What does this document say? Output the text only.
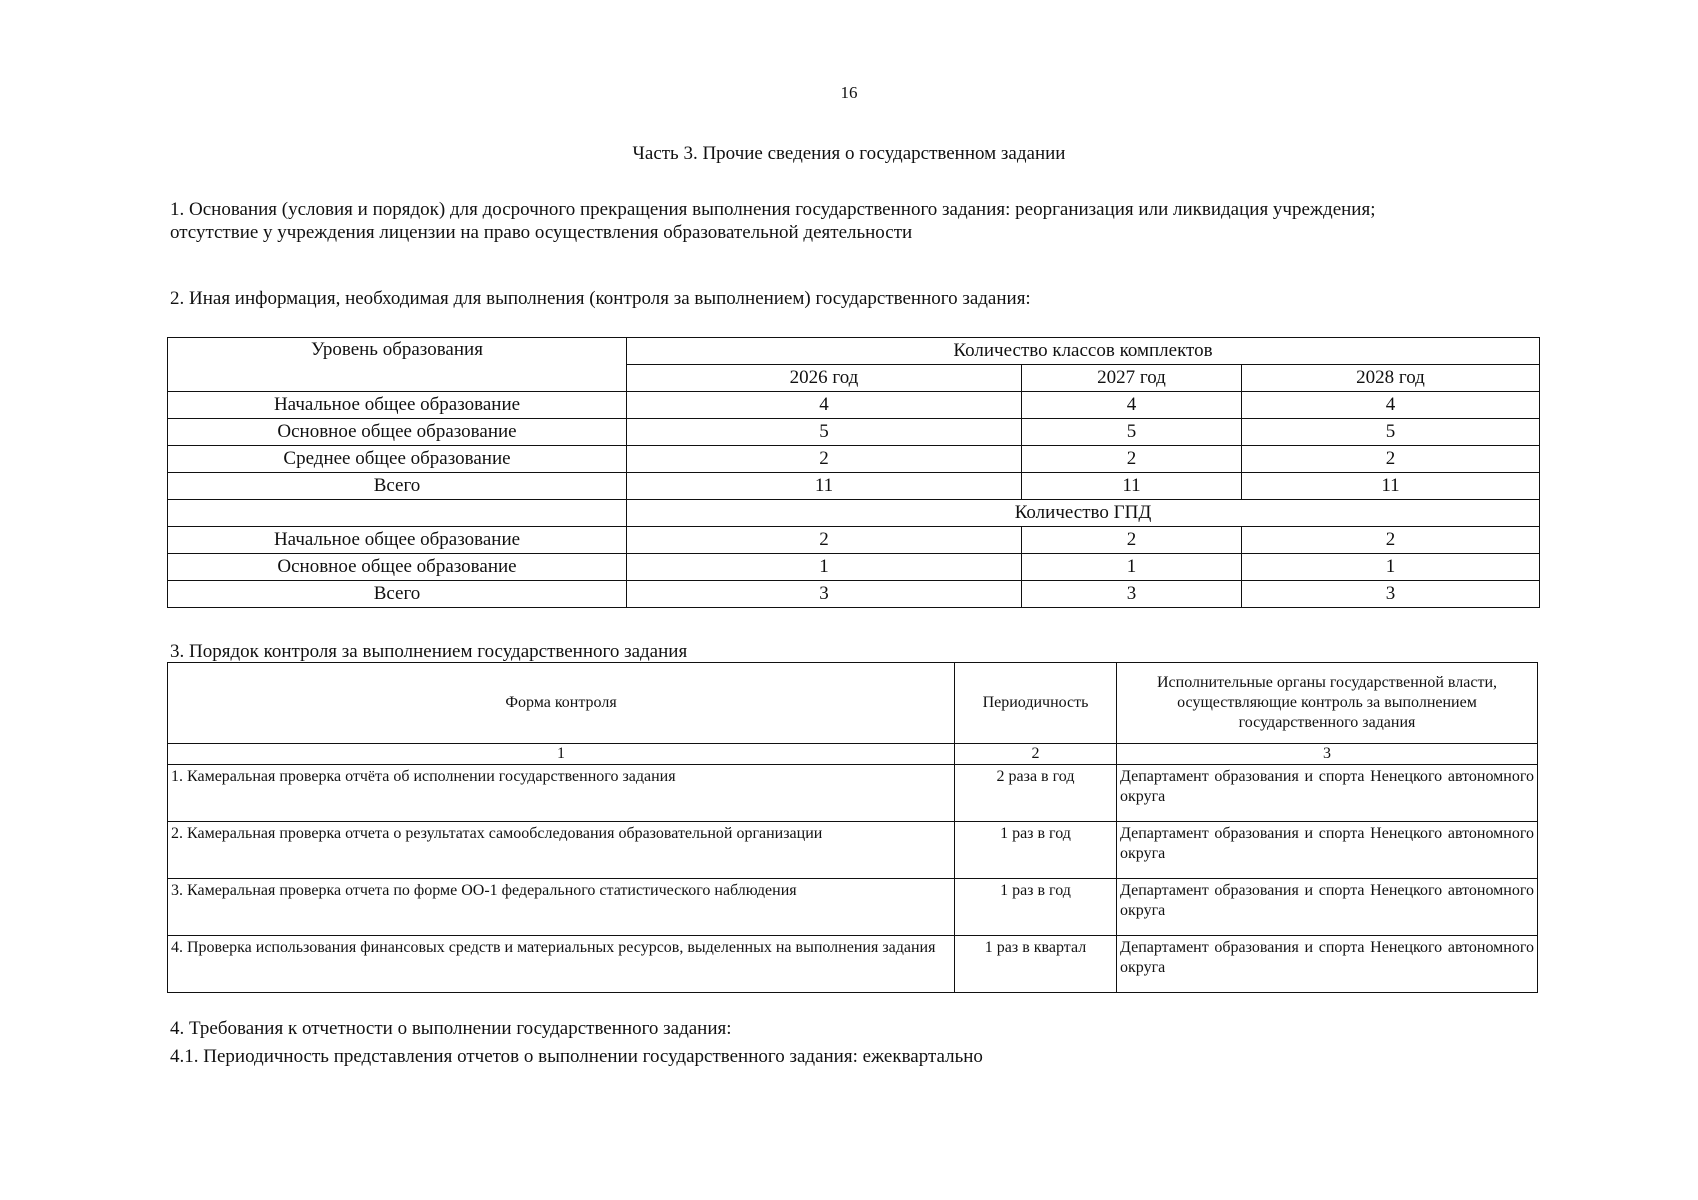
16
Часть 3. Прочие сведения о государственном задании
1. Основания (условия и порядок) для досрочного прекращения выполнения государственного задания: реорганизация или ликвидация учреждения;
отсутствие у учреждения лицензии на право осуществления образовательной деятельности
2. Иная информация, необходимая для выполнения (контроля за выполнением) государственного задания:
Уровень образования	Количество классов комплектов		
	2026 год	2027 год	2028 год
Начальное общее образование	4	4	4
Основное общее образование	5	5	5
Среднее общее образование	2	2	2
Всего	11	11	11
	Количество ГПД		
Начальное общее образование	2	2	2
Основное общее образование	1	1	1
Всего	3	3	3
3. Порядок контроля за выполнением государственного задания
Форма контроля	Периодичность	Исполнительные органы государственной власти, осуществляющие контроль за выполнением государственного задания
1	2	3
1. Камеральная проверка отчёта об исполнении государственного задания	2 раза в год	Департамент образования и спорта Ненецкого автономного округа
2. Камеральная проверка отчета о результатах самообследования образовательной организации	1 раз в год	Департамент образования и спорта Ненецкого автономного округа
3. Камеральная проверка отчета по форме ОО-1 федерального статистического наблюдения	1 раз в год	Департамент образования и спорта Ненецкого автономного округа
4. Проверка использования финансовых средств и материальных ресурсов, выделенных на выполнения задания	1 раз в квартал	Департамент образования и спорта Ненецкого автономного округа
4. Требования к отчетности о выполнении государственного задания:
4.1. Периодичность представления отчетов о выполнении государственного задания: ежеквартально
